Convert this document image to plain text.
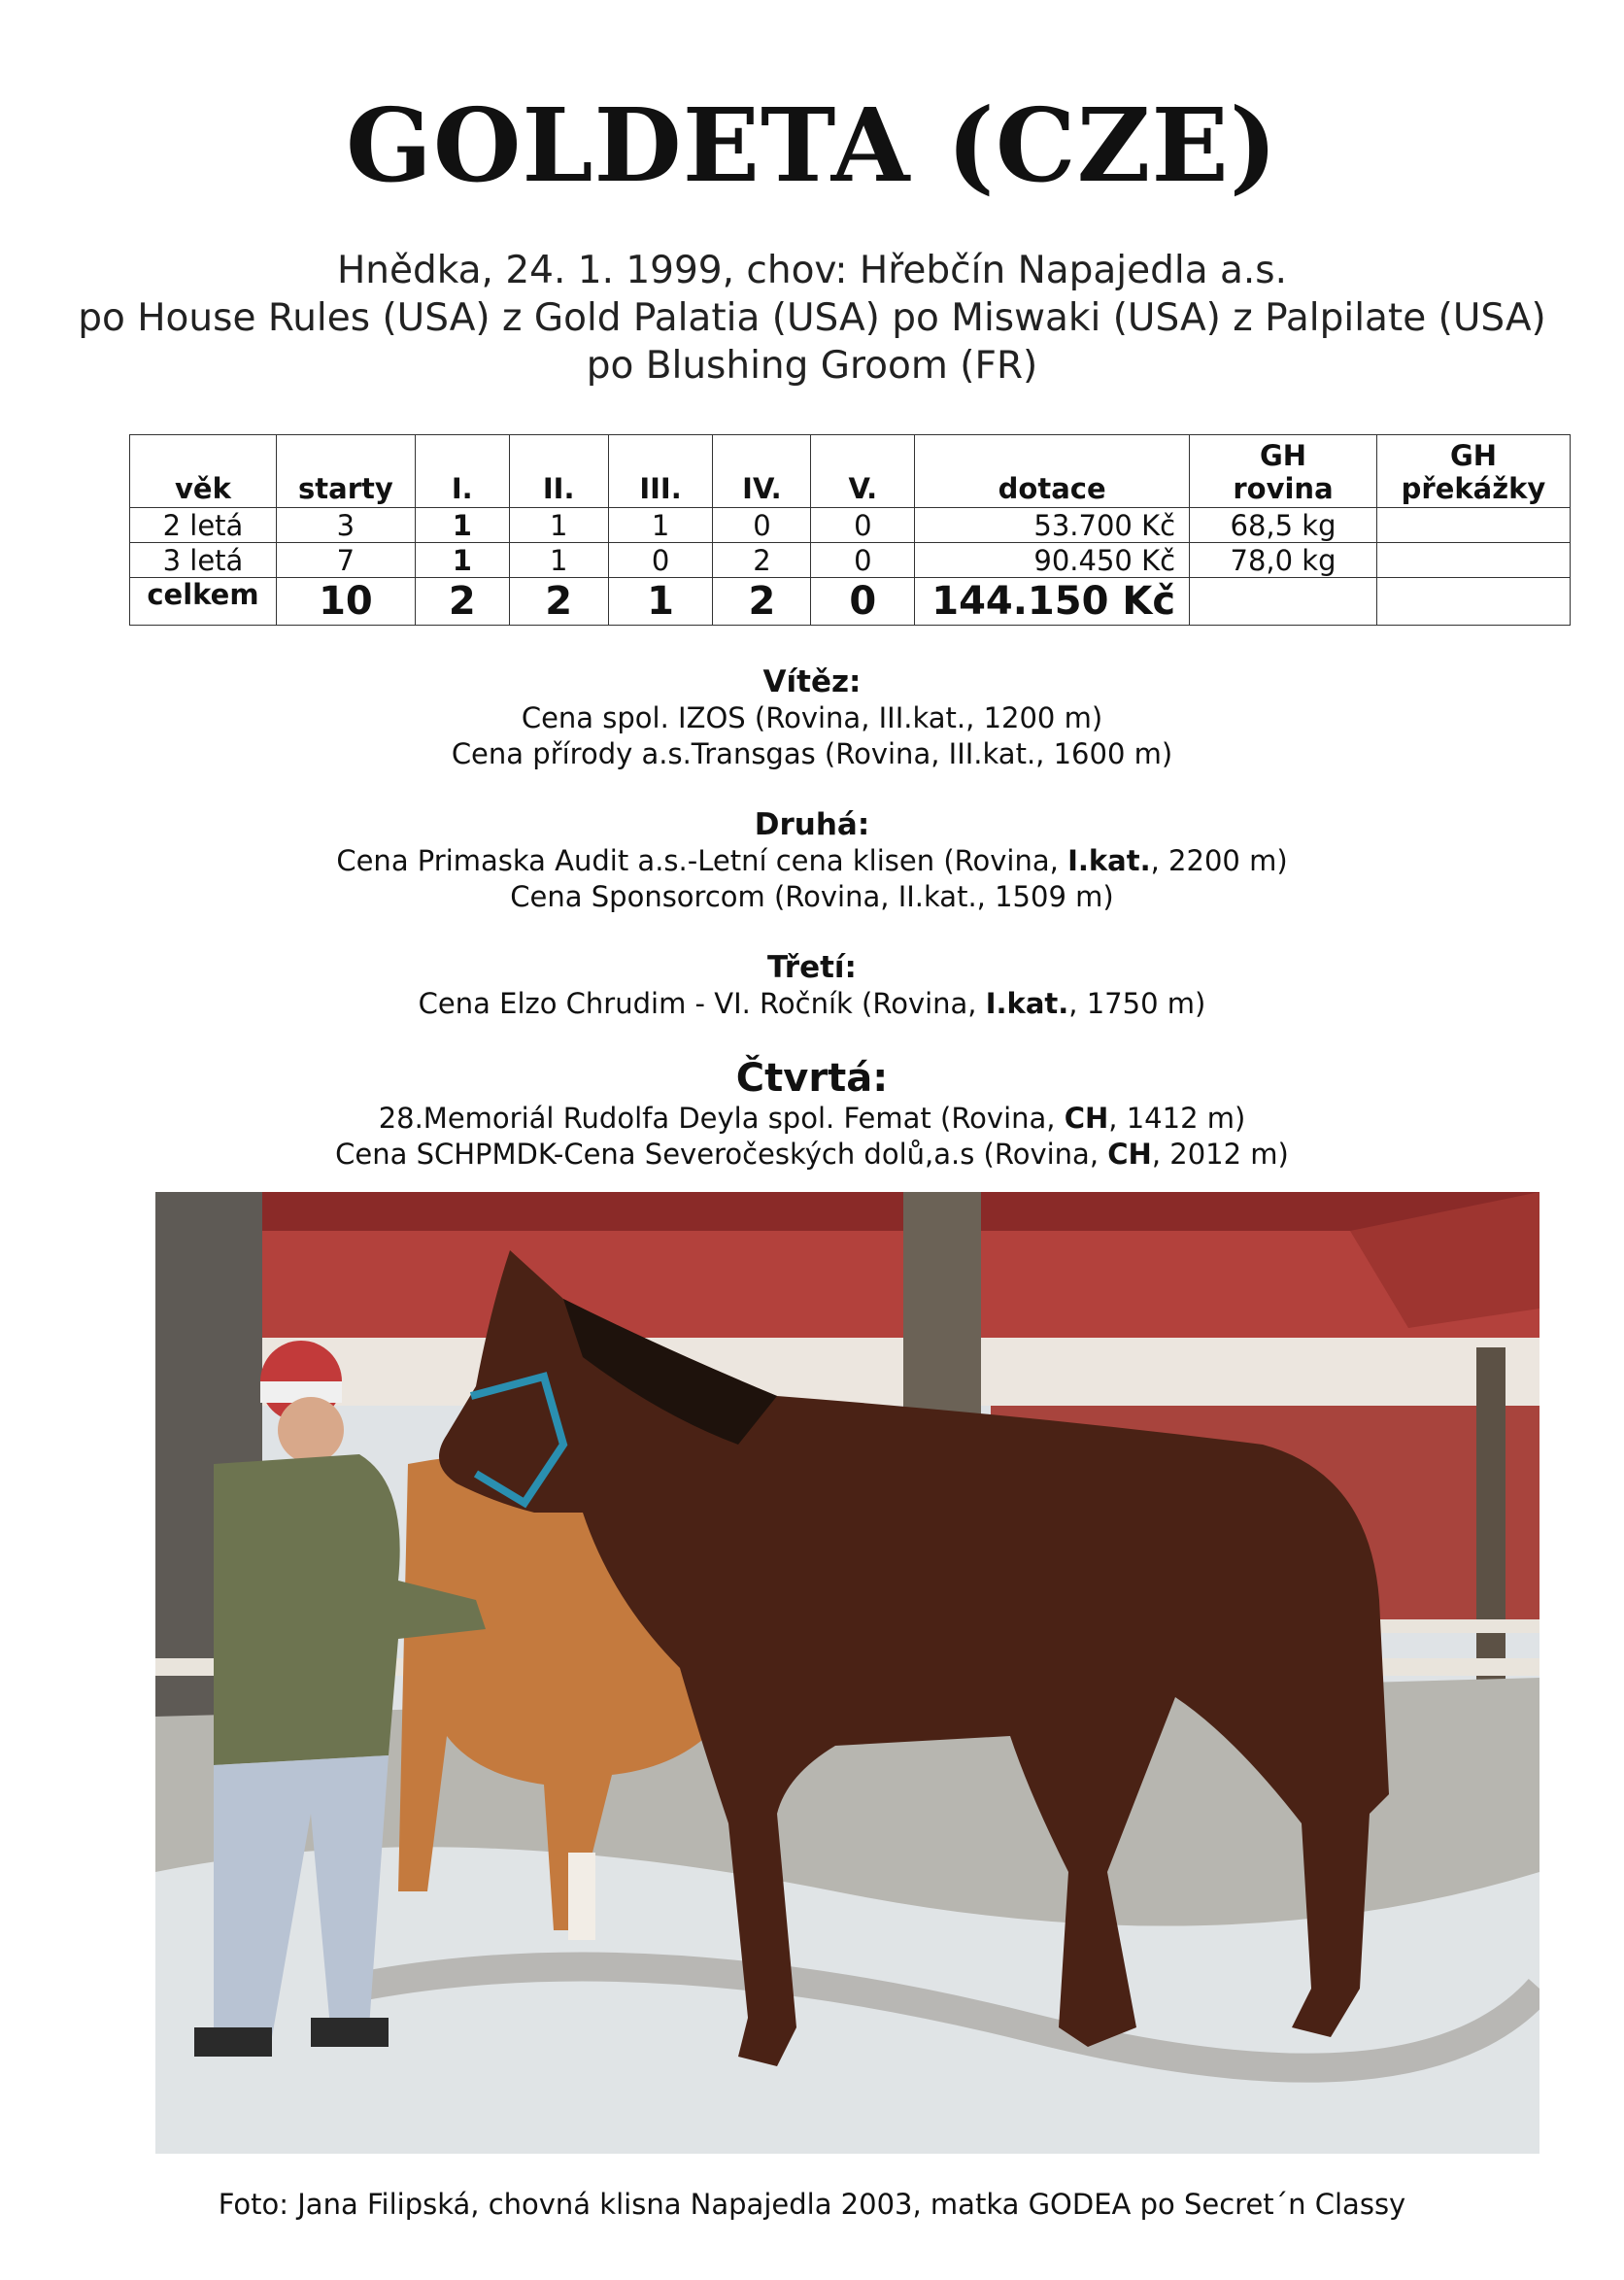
GOLDETA (CZE)
Hnědka, 24. 1. 1999, chov: Hřebčín Napajedla a.s.
po House Rules (USA) z Gold Palatia (USA) po Miswaki (USA) z Palpilate (USA)
po Blushing Groom (FR)
věk	starty	I.	II.	III.	IV.	V.	dotace	GH rovina	GH překážky
2 letá	3	1	1	1	0	0	53.700 Kč	68,5 kg	
3 letá	7	1	1	0	2	0	90.450 Kč	78,0 kg	
celkem	10	2	2	1	2	0	144.150 Kč		
Vítěz:
Cena spol. IZOS (Rovina, III.kat., 1200 m)
Cena přírody a.s.Transgas (Rovina, III.kat., 1600 m)
Druhá:
Cena Primaska Audit a.s.-Letní cena klisen (Rovina, I.kat., 2200 m)
Cena Sponsorcom (Rovina, II.kat., 1509 m)
Třetí:
Cena Elzo Chrudim - VI. Ročník (Rovina, I.kat., 1750 m)
Čtvrtá:
28.Memoriál Rudolfa Deyla spol. Femat (Rovina, CH, 1412 m)
Cena SCHPMDK-Cena Severočeských dolů,a.s (Rovina, CH, 2012 m)
Foto: Jana Filipská, chovná klisna Napajedla 2003, matka GODEA po Secret´n Classy
